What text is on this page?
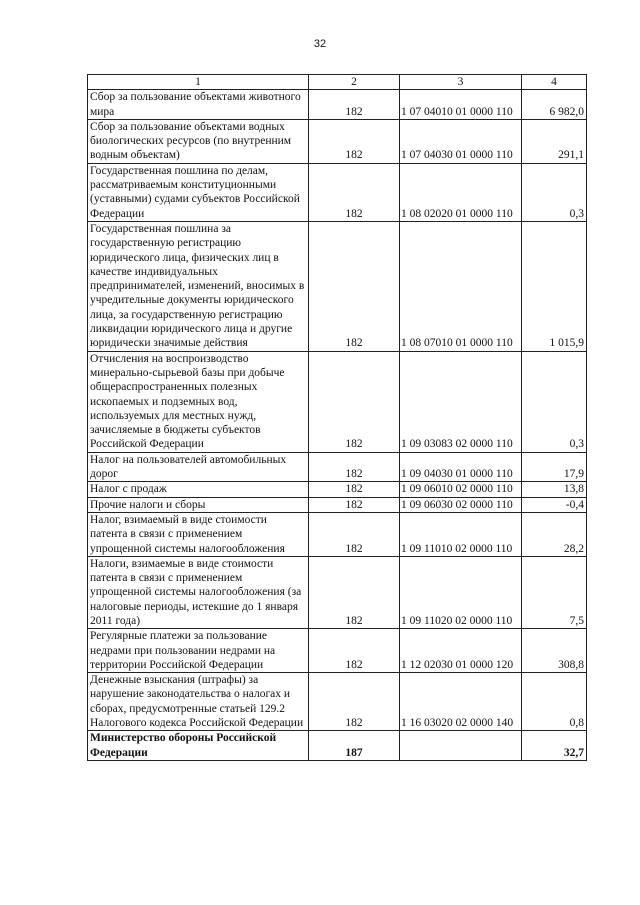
32
1	2	3	4
Сбор за пользование объектами животного мира	182	1 07 04010 01 0000 110	6 982,0
Сбор за пользование объектами водных биологических ресурсов (по внутренним водным объектам)	182	1 07 04030 01 0000 110	291,1
Государственная пошлина по делам, рассматриваемым конституционными (уставными) судами субъектов Российской Федерации	182	1 08 02020 01 0000 110	0,3
Государственная пошлина за государственную регистрацию юридического лица, физических лиц в качестве индивидуальных предпринимателей, изменений, вносимых в учредительные документы юридического лица, за государственную регистрацию ликвидации юридического лица и другие юридически значимые действия	182	1 08 07010 01 0000 110	1 015,9
Отчисления на воспроизводство минерально-сырьевой базы при добыче общераспространенных полезных ископаемых и подземных вод, используемых для местных нужд, зачисляемые в бюджеты субъектов Российской Федерации	182	1 09 03083 02 0000 110	0,3
Налог на пользователей автомобильных дорог	182	1 09 04030 01 0000 110	17,9
Налог с продаж	182	1 09 06010 02 0000 110	13,8
Прочие налоги и сборы	182	1 09 06030 02 0000 110	-0,4
Налог, взимаемый в виде стоимости патента в связи с применением упрощенной системы налогообложения	182	1 09 11010 02 0000 110	28,2
Налоги, взимаемые в виде стоимости патента в связи с применением упрощенной системы налогообложения (за налоговые периоды, истекшие до 1 января 2011 года)	182	1 09 11020 02 0000 110	7,5
Регулярные платежи за пользование недрами при пользовании недрами на территории Российской Федерации	182	1 12 02030 01 0000 120	308,8
Денежные взыскания (штрафы) за нарушение законодательства о налогах и сборах, предусмотренные статьей 129.2 Налогового кодекса Российской Федерации	182	1 16 03020 02 0000 140	0,8
Министерство обороны Российской Федерации	187		32,7
